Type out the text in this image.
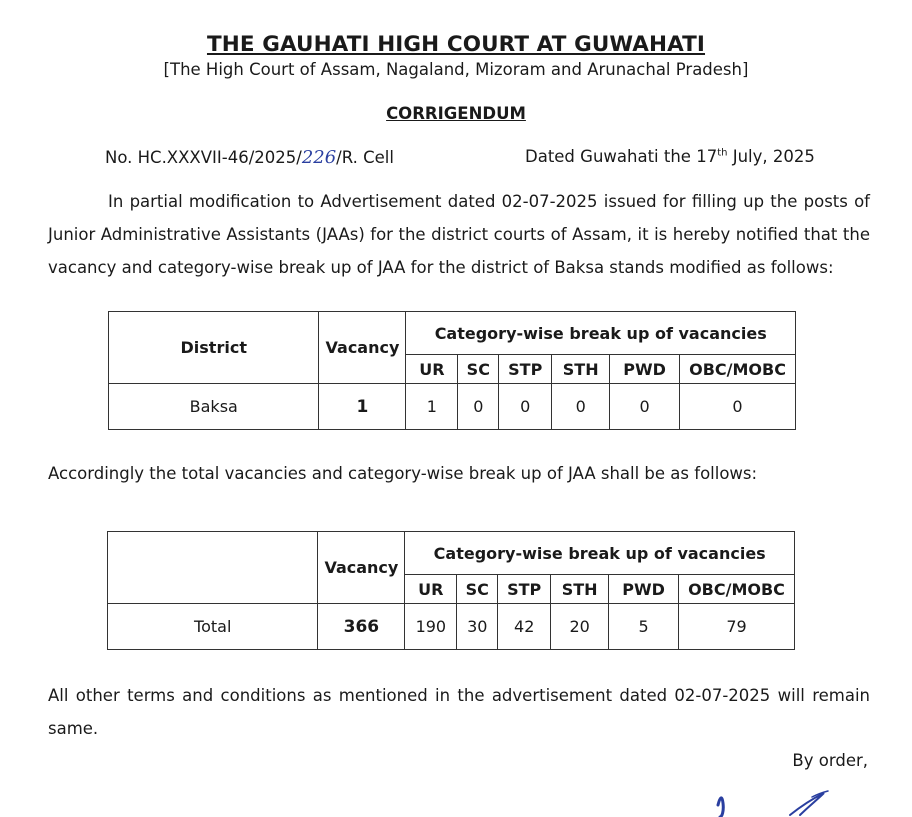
THE GAUHATI HIGH COURT AT GUWAHATI
[The High Court of Assam, Nagaland, Mizoram and Arunachal Pradesh]
CORRIGENDUM
No. HC.XXXVII-46/2025/226/R. Cell	Dated Guwahati the 17th July, 2025
In partial modification to Advertisement dated 02-07-2025 issued for filling up the posts of Junior Administrative Assistants (JAAs) for the district courts of Assam, it is hereby notified that the vacancy and category-wise break up of JAA for the district of Baksa stands modified as follows:
District	Vacancy	Category-wise break up of vacancies					
		UR	SC	STP	STH	PWD	OBC/MOBC
Baksa	1	1	0	0	0	0	0
Accordingly the total vacancies and category-wise break up of JAA shall be as follows:
	Vacancy	Category-wise break up of vacancies					
		UR	SC	STP	STH	PWD	OBC/MOBC
Total	366	190	30	42	20	5	79
All other terms and conditions as mentioned in the advertisement dated 02-07-2025 will remain same.
By order,
